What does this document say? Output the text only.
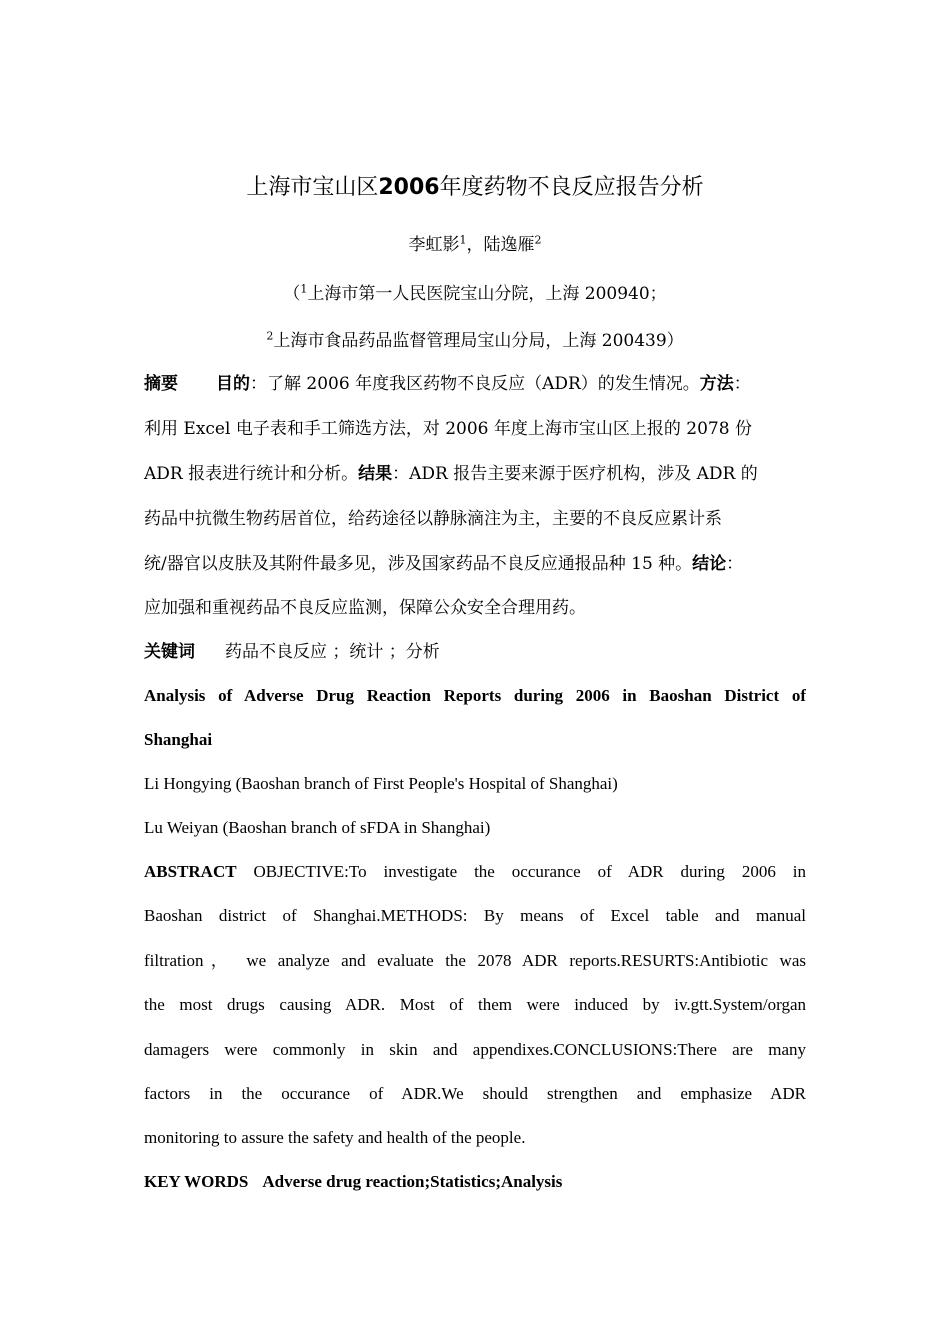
上海市宝山区2006年度药物不良反应报告分析
李虹影$^1$，陆逸雁$^2$
（$^1$上海市第一人民医院宝山分院，上海 200940；
$^2$上海市食品药品监督管理局宝山分局，上海 200439）
摘要 目的：了解 2006 年度我区药物不良反应（ADR）的发生情况。方法：
利用 Excel 电子表和手工筛选方法，对 2006 年度上海市宝山区上报的 2078 份
ADR 报表进行统计和分析。结果：ADR 报告主要来源于医疗机构，涉及 ADR 的
药品中抗微生物药居首位，给药途径以静脉滴注为主，主要的不良反应累计系
统/器官以皮肤及其附件最多见，涉及国家药品不良反应通报品种 15 种。结论：
应加强和重视药品不良反应监测，保障公众安全合理用药。
关键词 药品不良反应 ；统计 ；分析
Analysis of Adverse Drug Reaction Reports during 2006 in Baoshan District of
Shanghai
Li Hongying (Baoshan branch of First People's Hospital of Shanghai)
Lu Weiyan (Baoshan branch of sFDA in Shanghai)
ABSTRACT OBJECTIVE:To investigate the occurance of ADR during 2006 in
Baoshan district of Shanghai.METHODS: By means of Excel table and manual
filtration， we analyze and evaluate the 2078 ADR reports.RESURTS:Antibiotic was
the most drugs causing ADR. Most of them were induced by iv.gtt.System/organ
damagers were commonly in skin and appendixes.CONCLUSIONS:There are many
factors in the occurance of ADR.We should strengthen and emphasize ADR
monitoring to assure the safety and health of the people.
KEY WORDS Adverse drug reaction;Statistics;Analysis
